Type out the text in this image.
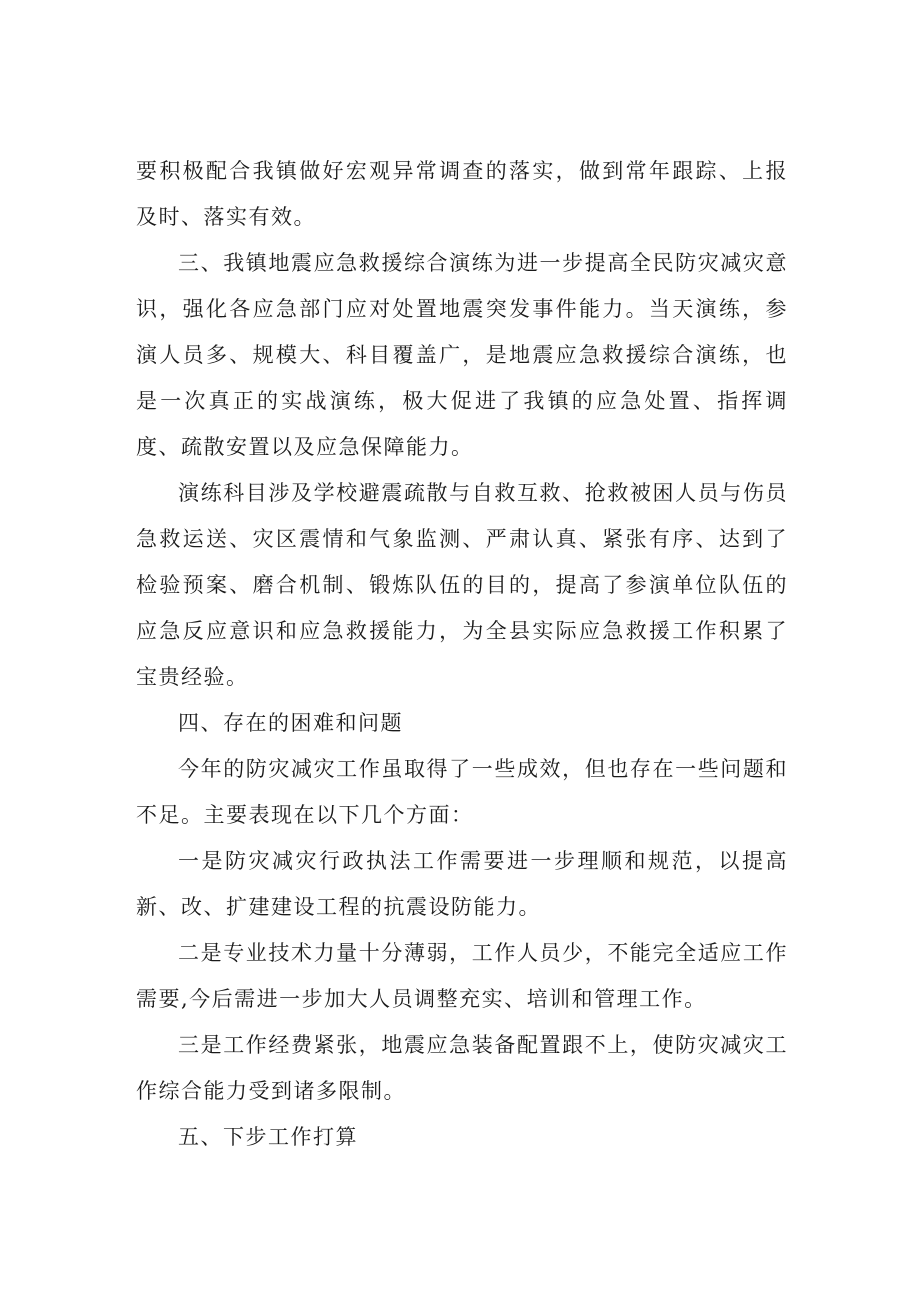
要积极配合我镇做好宏观异常调查的落实，做到常年跟踪、上报及时、落实有效。

三、我镇地震应急救援综合演练为进一步提高全民防灾减灾意识，强化各应急部门应对处置地震突发事件能力。当天演练，参演人员多、规模大、科目覆盖广，是地震应急救援综合演练，也是一次真正的实战演练，极大促进了我镇的应急处置、指挥调度、疏散安置以及应急保障能力。

演练科目涉及学校避震疏散与自救互救、抢救被困人员与伤员急救运送、灾区震情和气象监测、严肃认真、紧张有序、达到了检验预案、磨合机制、锻炼队伍的目的，提高了参演单位队伍的应急反应意识和应急救援能力，为全县实际应急救援工作积累了宝贵经验。

四、存在的困难和问题

今年的防灾减灾工作虽取得了一些成效，但也存在一些问题和不足。主要表现在以下几个方面：

一是防灾减灾行政执法工作需要进一步理顺和规范，以提高新、改、扩建建设工程的抗震设防能力。

二是专业技术力量十分薄弱，工作人员少，不能完全适应工作需要,今后需进一步加大人员调整充实、培训和管理工作。

三是工作经费紧张，地震应急装备配置跟不上，使防灾减灾工作综合能力受到诸多限制。

五、下步工作打算
